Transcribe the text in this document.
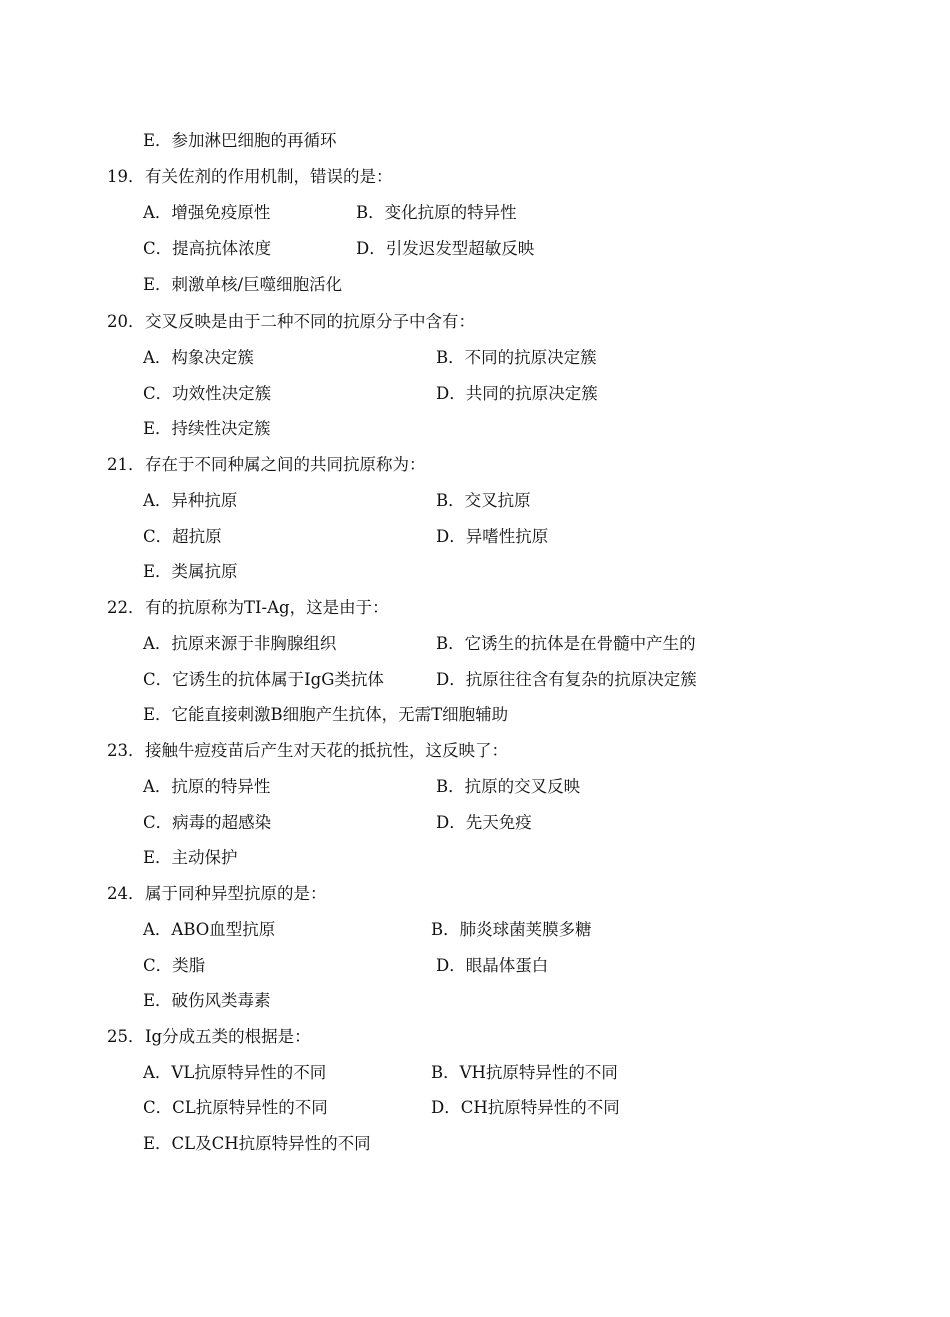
E．参加淋巴细胞的再循环
19． 有关佐剂的作用机制，错误的是：
A．增强免疫原性	B．变化抗原的特异性
C．提高抗体浓度	D．引发迟发型超敏反映
E．刺激单核/巨噬细胞活化
20． 交叉反映是由于二种不同的抗原分子中含有：
A．构象决定簇	B．不同的抗原决定簇
C．功效性决定簇	D．共同的抗原决定簇
E．持续性决定簇
21． 存在于不同种属之间的共同抗原称为：
A．异种抗原	B．交叉抗原
C．超抗原	D．异嗜性抗原
E．类属抗原
22． 有的抗原称为TI-Ag，这是由于：
A．抗原来源于非胸腺组织	B．它诱生的抗体是在骨髓中产生的
C．它诱生的抗体属于IgG类抗体	D．抗原往往含有复杂的抗原决定簇
E．它能直接刺激B细胞产生抗体，无需T细胞辅助
23． 接触牛痘疫苗后产生对天花的抵抗性，这反映了：
A．抗原的特异性	B．抗原的交叉反映
C．病毒的超感染	D．先天免疫
E．主动保护
24． 属于同种异型抗原的是：
A．ABO血型抗原	B．肺炎球菌荚膜多糖
C．类脂	D．眼晶体蛋白
E．破伤风类毒素
25． Ig分成五类的根据是：
A．VL抗原特异性的不同	B．VH抗原特异性的不同
C．CL抗原特异性的不同	D．CH抗原特异性的不同
E．CL及CH抗原特异性的不同
